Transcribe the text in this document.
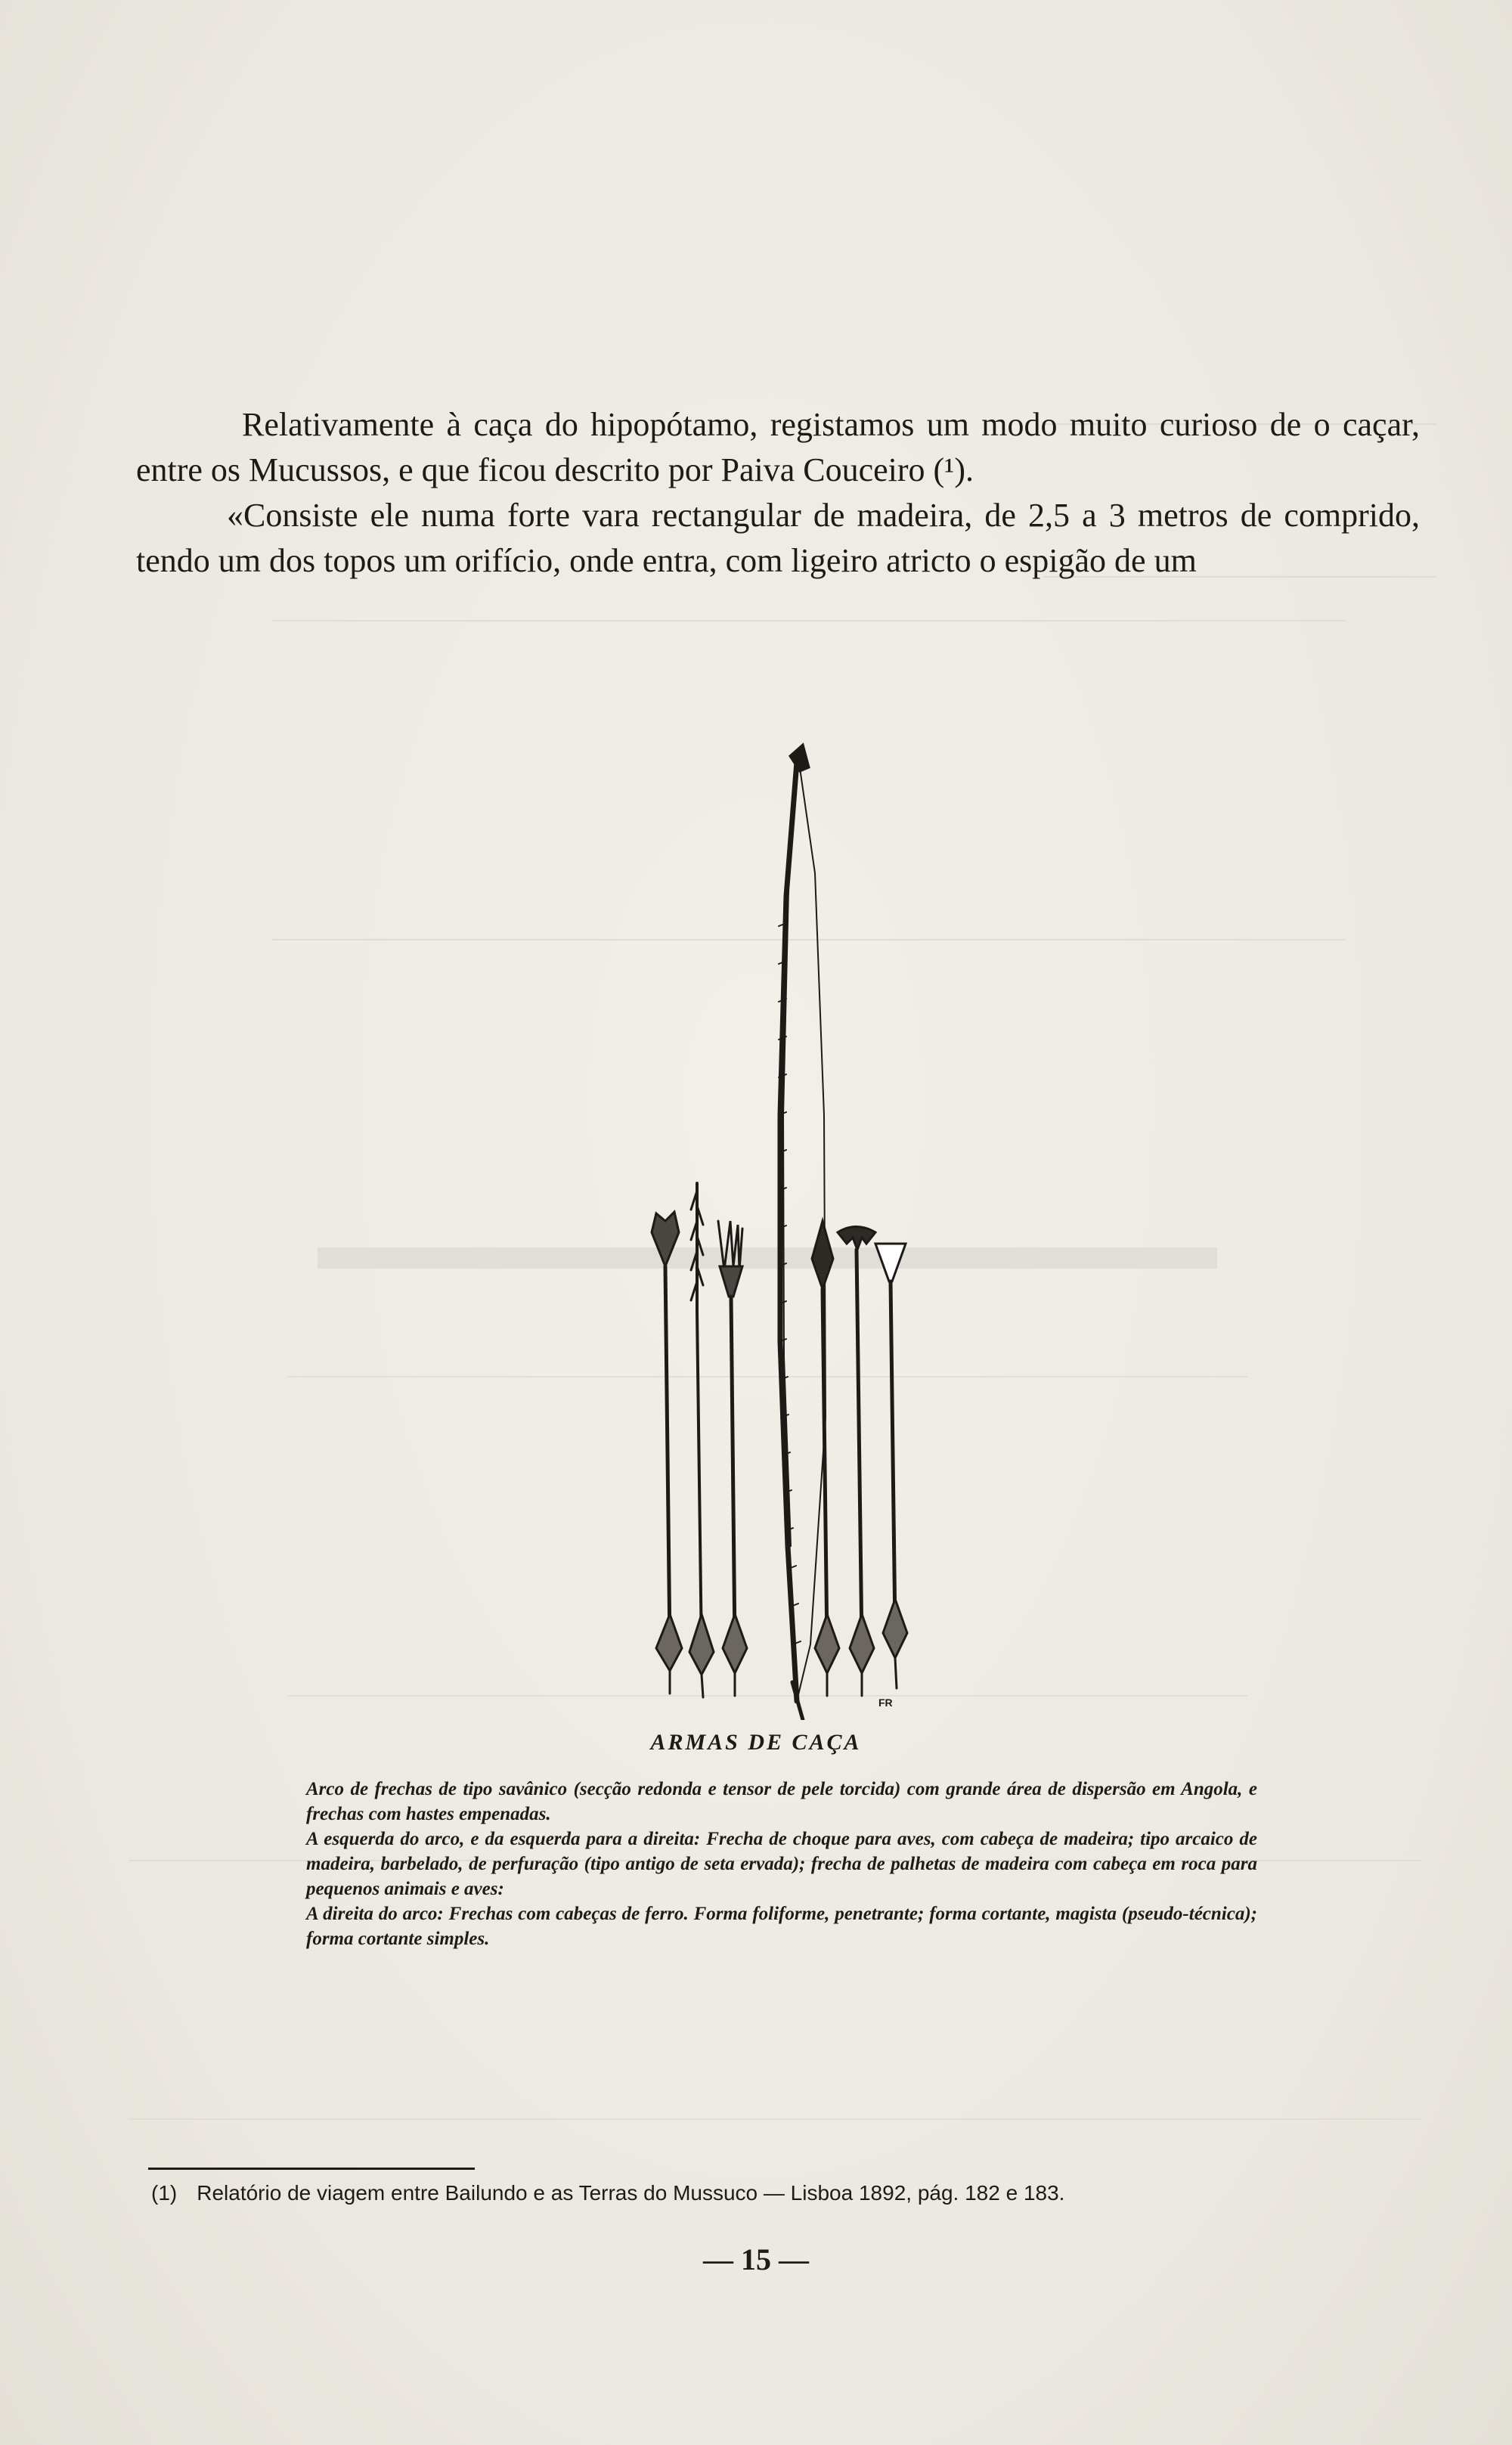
Relativamente à caça do hipopótamo, registamos um modo muito curioso de o caçar, entre os Mucussos, e que ficou descrito por Paiva Couceiro (¹).

«Consiste ele numa forte vara rectangular de madeira, de 2,5 a 3 metros de comprido, tendo um dos topos um orifício, onde entra, com ligeiro atricto o espigão de um

FR

ARMAS DE CAÇA

Arco de frechas de tipo savânico (secção redonda e tensor de pele torcida) com grande área de dispersão em Angola, e frechas com hastes empenadas.

A esquerda do arco, e da esquerda para a direita: Frecha de choque para aves, com cabeça de madeira; tipo arcaico de madeira, barbelado, de perfuração (tipo antigo de seta ervada); frecha de palhetas de madeira com cabeça em roca para pequenos animais e aves:

A direita do arco: Frechas com cabeças de ferro. Forma foliforme, penetrante; forma cortante, magista (pseudo-técnica); forma cortante simples.

(1) Relatório de viagem entre Bailundo e as Terras do Mussuco — Lisboa 1892, pág. 182 e 183.

— 15 —
